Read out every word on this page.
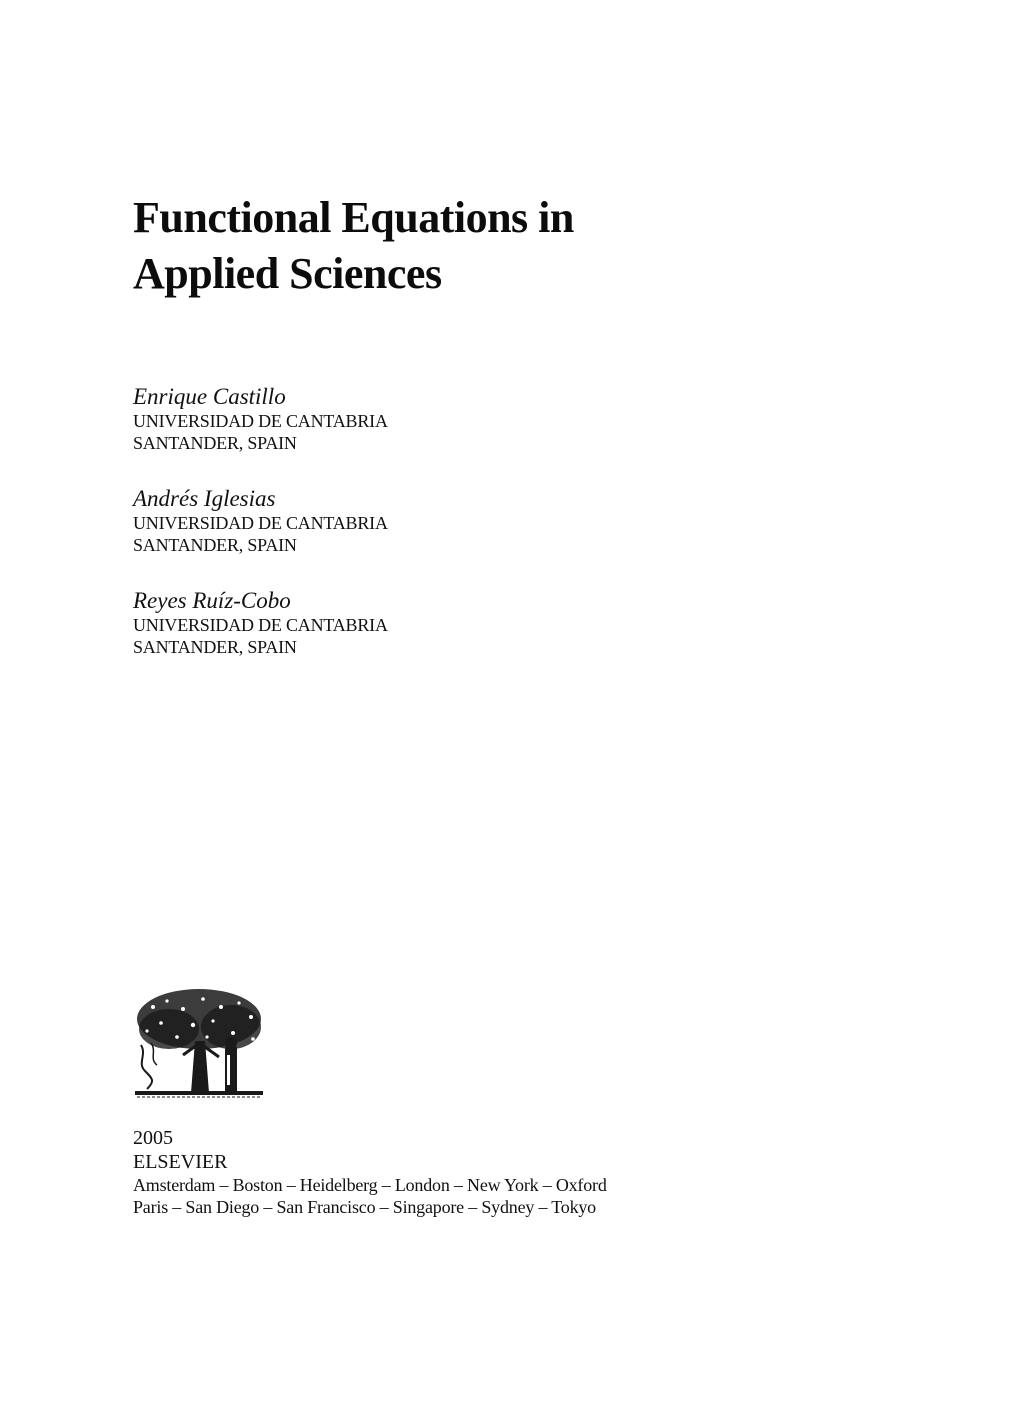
Functional Equations in
Applied Sciences
Enrique Castillo
UNIVERSIDAD DE CANTABRIA
SANTANDER, SPAIN
Andrés Iglesias
UNIVERSIDAD DE CANTABRIA
SANTANDER, SPAIN
Reyes Ruíz-Cobo
UNIVERSIDAD DE CANTABRIA
SANTANDER, SPAIN
2005
ELSEVIER
Amsterdam – Boston – Heidelberg – London – New York – Oxford
Paris – San Diego – San Francisco – Singapore – Sydney – Tokyo
